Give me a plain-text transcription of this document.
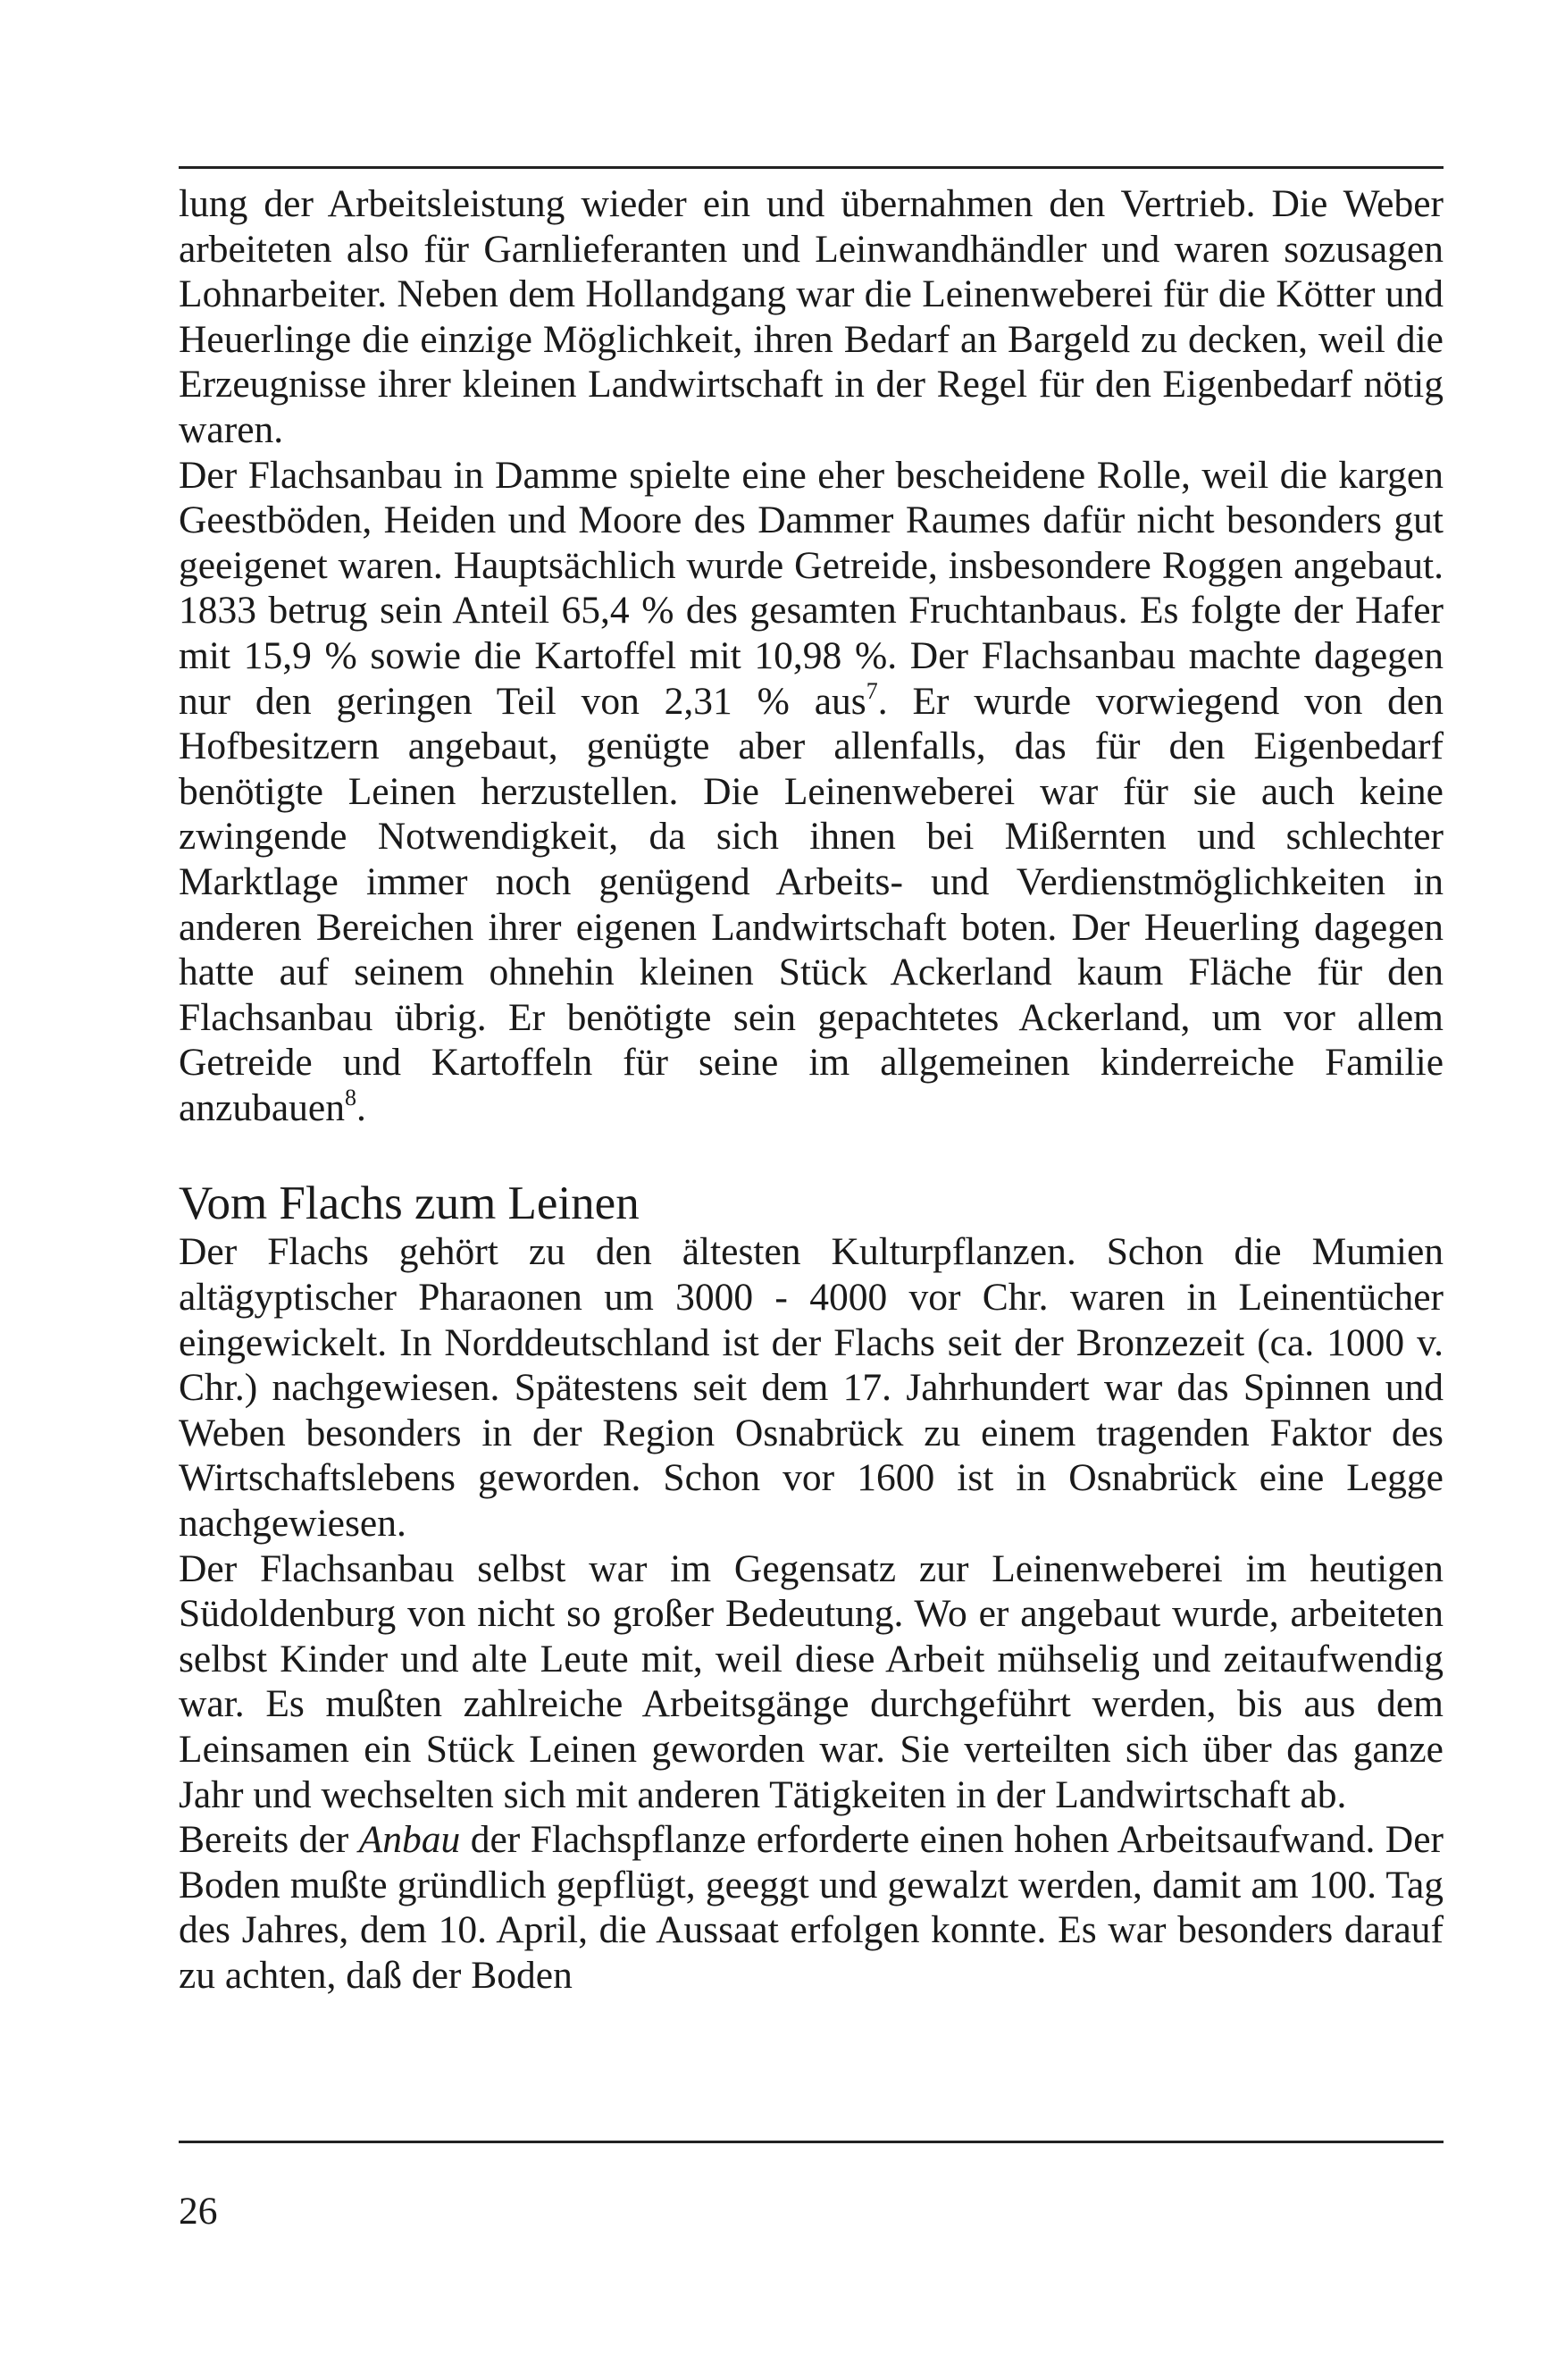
lung der Arbeitsleistung wieder ein und übernahmen den Vertrieb. Die Weber arbeiteten also für Garnlieferanten und Leinwandhändler und waren sozusagen Lohnarbeiter. Neben dem Hollandgang war die Leinenweberei für die Kötter und Heuerlinge die einzige Möglichkeit, ihren Bedarf an Bargeld zu decken, weil die Erzeugnisse ihrer kleinen Landwirtschaft in der Regel für den Eigenbedarf nötig waren.

Der Flachsanbau in Damme spielte eine eher bescheidene Rolle, weil die kargen Geestböden, Heiden und Moore des Dammer Raumes dafür nicht besonders gut geeigenet waren. Hauptsächlich wurde Getreide, insbesondere Roggen angebaut. 1833 betrug sein Anteil 65,4 % des gesamten Fruchtanbaus. Es folgte der Hafer mit 15,9 % sowie die Kartoffel mit 10,98 %. Der Flachsanbau machte dagegen nur den geringen Teil von 2,31 % aus$^7$. Er wurde vorwiegend von den Hofbesitzern angebaut, genügte aber allenfalls, das für den Eigenbedarf benötigte Leinen herzustellen. Die Leinenweberei war für sie auch keine zwingende Notwendigkeit, da sich ihnen bei Mißernten und schlechter Marktlage immer noch genügend Arbeits- und Verdienstmöglichkeiten in anderen Bereichen ihrer eigenen Landwirtschaft boten. Der Heuerling dagegen hatte auf seinem ohnehin kleinen Stück Ackerland kaum Fläche für den Flachsanbau übrig. Er benötigte sein gepachtetes Ackerland, um vor allem Getreide und Kartoffeln für seine im allgemeinen kinderreiche Familie anzubauen$^8$.

Vom Flachs zum Leinen

Der Flachs gehört zu den ältesten Kulturpflanzen. Schon die Mumien altägyptischer Pharaonen um 3000 - 4000 vor Chr. waren in Leinentücher eingewickelt. In Norddeutschland ist der Flachs seit der Bronzezeit (ca. 1000 v. Chr.) nachgewiesen. Spätestens seit dem 17. Jahrhundert war das Spinnen und Weben besonders in der Region Osnabrück zu einem tragenden Faktor des Wirtschaftslebens geworden. Schon vor 1600 ist in Osnabrück eine Legge nachgewiesen.

Der Flachsanbau selbst war im Gegensatz zur Leinenweberei im heutigen Südoldenburg von nicht so großer Bedeutung. Wo er angebaut wurde, arbeiteten selbst Kinder und alte Leute mit, weil diese Arbeit mühselig und zeitaufwendig war. Es mußten zahlreiche Arbeitsgänge durchgeführt werden, bis aus dem Leinsamen ein Stück Leinen geworden war. Sie verteilten sich über das ganze Jahr und wechselten sich mit anderen Tätigkeiten in der Landwirtschaft ab.

Bereits der Anbau der Flachspflanze erforderte einen hohen Arbeitsaufwand. Der Boden mußte gründlich gepflügt, geeggt und gewalzt werden, damit am 100. Tag des Jahres, dem 10. April, die Aussaat erfolgen konnte. Es war besonders darauf zu achten, daß der Boden

26
